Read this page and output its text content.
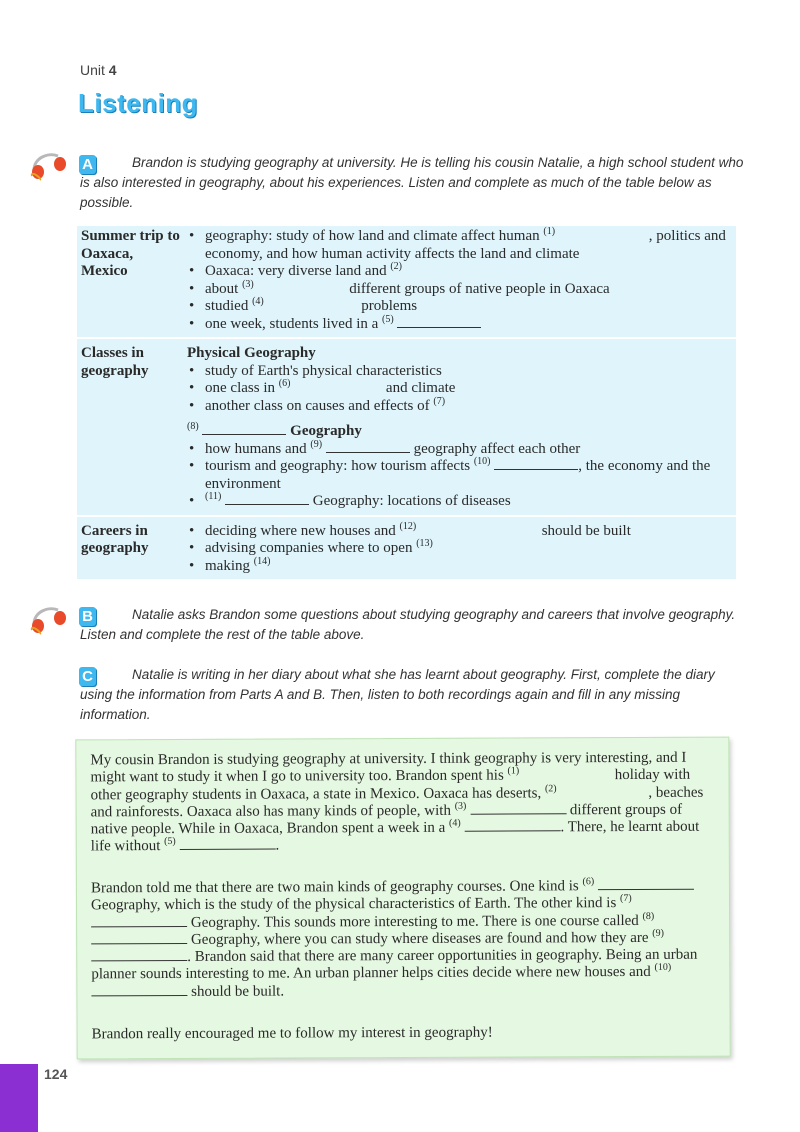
Unit 4
Listening
A	Brandon is studying geography at university. He is telling his cousin Natalie, a high school student who is also interested in geography, about his experiences. Listen and complete as much of the table below as possible.
Summer trip to Oaxaca, Mexico
• geography: study of how land and climate affect human $^{(1)}$	, politics and economy, and how human activity affects the land and climate
• Oaxaca: very diverse land and $^{(2)}$
• about $^{(3)}$	different groups of native people in Oaxaca
• studied $^{(4)}$	problems
• one week, students lived in a $^{(5)}$
Classes in geography
Physical Geography
• study of Earth's physical characteristics
• one class in $^{(6)}$	and climate
• another class on causes and effects of $^{(7)}$
$^{(8)}$	Geography
• how humans and $^{(9)}$	geography affect each other
• tourism and geography: how tourism affects $^{(10)}$	, the economy and the environment
• $^{(11)}$	Geography: locations of diseases
Careers in geography
• deciding where new houses and $^{(12)}$	should be built
• advising companies where to open $^{(13)}$
• making $^{(14)}$
B	Natalie asks Brandon some questions about studying geography and careers that involve geography. Listen and complete the rest of the table above.
C	Natalie is writing in her diary about what she has learnt about geography. First, complete the diary using the information from Parts A and B. Then, listen to both recordings again and fill in any missing information.

My cousin Brandon is studying geography at university. I think geography is very interesting, and I might want to study it when I go to university too. Brandon spent his $^{(1)}$	holiday with other geography students in Oaxaca, a state in Mexico. Oaxaca has deserts, $^{(2)}$	, beaches and rainforests. Oaxaca also has many kinds of people, with $^{(3)}$	different groups of native people. While in Oaxaca, Brandon spent a week in a $^{(4)}$	. There, he learnt about life without $^{(5)}$	.

Brandon told me that there are two main kinds of geography courses. One kind is $^{(6)}$  Geography, which is the study of the physical characteristics of Earth. The other kind is $^{(7)}$  Geography. This sounds more interesting to me. There is one course called $^{(8)}$  Geography, where you can study where diseases are found and how they are $^{(9)}$ . Brandon said that there are many career opportunities in geography. Being an urban planner sounds interesting to me. An urban planner helps cities decide where new houses and $^{(10)}$  should be built.

Brandon really encouraged me to follow my interest in geography!

124
